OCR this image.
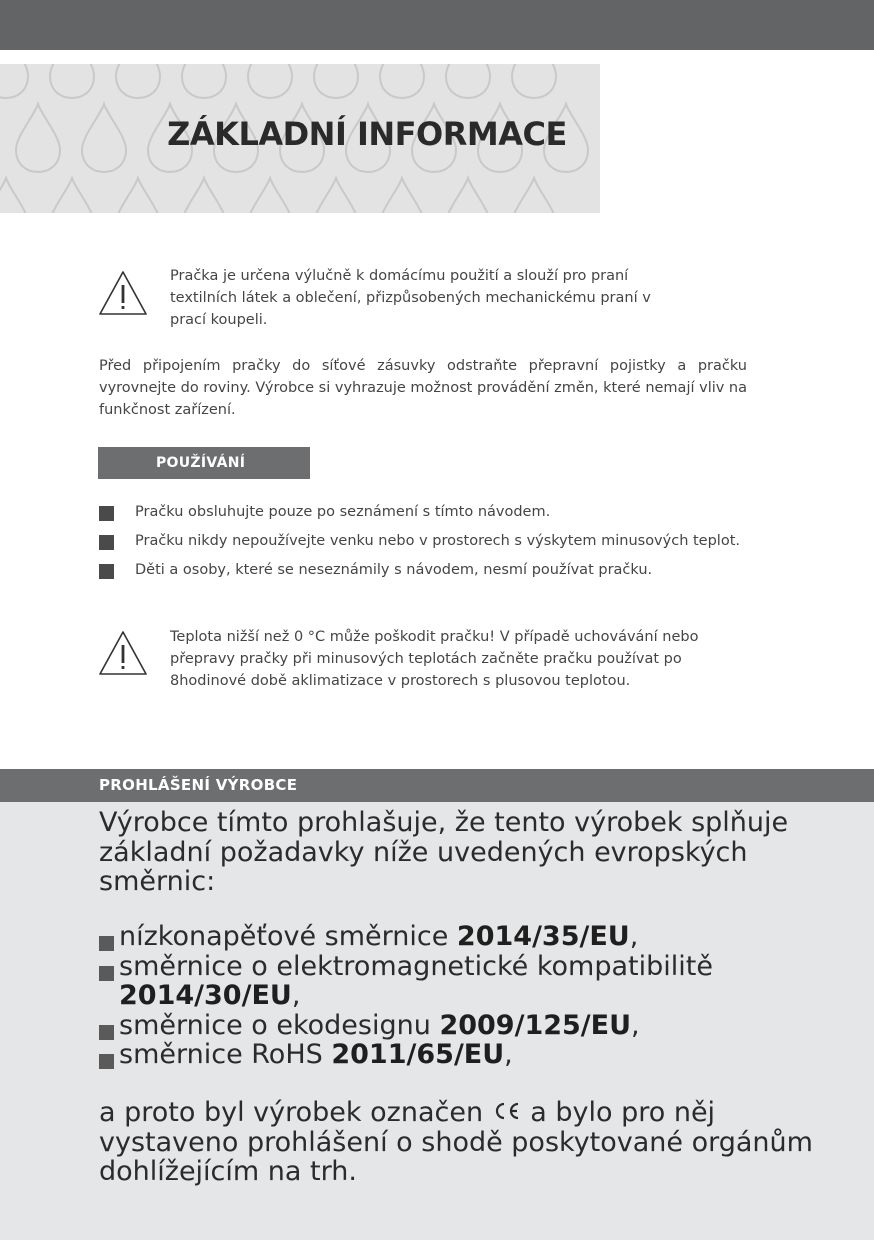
ZÁKLADNÍ INFORMACE

Pračka je určena výlučně k domácímu použití a slouží pro praní textilních látek a oblečení, přizpůsobených mechanickému praní v prací koupeli.

Před připojením pračky do síťové zásuvky odstraňte přepravní pojistky a pračku vyrovnejte do roviny. Výrobce si vyhrazuje možnost provádění změn, které nemají vliv na funkčnost zařízení.

POUŽÍVÁNÍ
Pračku obsluhujte pouze po seznámení s tímto návodem.
Pračku nikdy nepoužívejte venku nebo v prostorech s výskytem minusových teplot.
Děti a osoby, které se neseznámily s návodem, nesmí používat pračku.

Teplota nižší než 0 °C může poškodit pračku! V případě uchovávání nebo přepravy pračky při minusových teplotách začněte pračku používat po 8hodinové době aklimatizace v prostorech s plusovou teplotou.

PROHLÁŠENÍ VÝROBCE

Výrobce tímto prohlašuje, že tento výrobek splňuje základní požadavky níže uvedených evropských směrnic:

nízkonapěťové směrnice 2014/35/EU,
směrnice o elektromagnetické kompatibilitě 2014/30/EU,
směrnice o ekodesignu 2009/125/EU,
směrnice RoHS 2011/65/EU,

a proto byl výrobek označen  a bylo pro něj vystaveno prohlášení o shodě poskytované orgánům dohlížejícím na trh.
